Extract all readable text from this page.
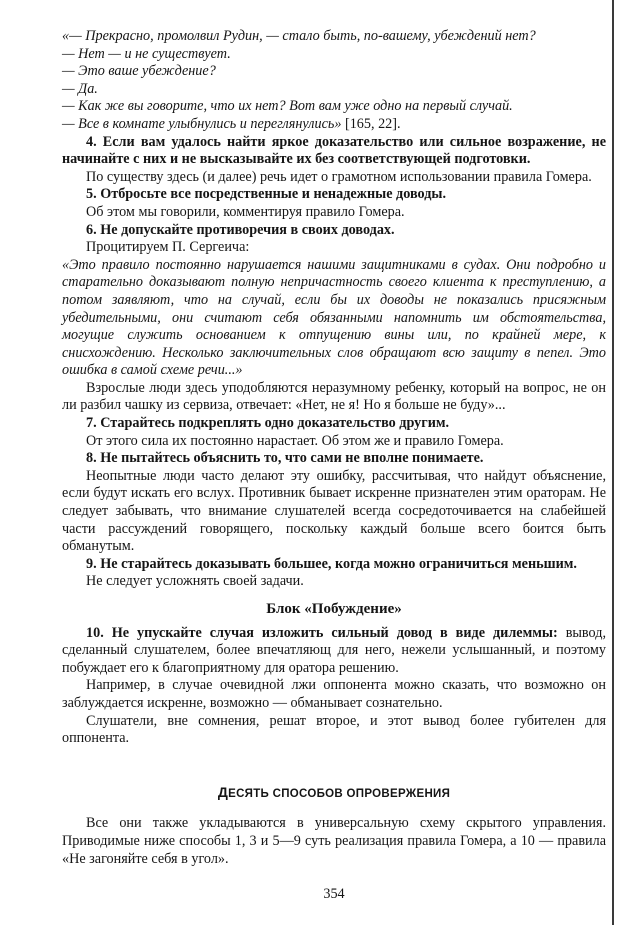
«— Прекрасно, промолвил Рудин, — стало быть, по-вашему, убеждений нет?

— Нет — и не существует.

— Это ваше убеждение?

— Да.

— Как же вы говорите, что их нет? Вот вам уже одно на первый случай.

— Все в комнате улыбнулись и переглянулись» [165, 22].

4. Если вам удалось найти яркое доказательство или сильное возражение, не начинайте с них и не высказывайте их без соответствующей подготовки.

По существу здесь (и далее) речь идет о грамотном использовании правила Гомера.

5. Отбросьте все посредственные и ненадежные доводы.

Об этом мы говорили, комментируя правило Гомера.

6. Не допускайте противоречия в своих доводах.

Процитируем П. Сергеича:

«Это правило постоянно нарушается нашими защитниками в судах. Они подробно и старательно доказывают полную непричастность своего клиента к преступлению, а потом заявляют, что на случай, если бы их доводы не показались присяжным убедительными, они считают себя обязанными напомнить им обстоятельства, могущие служить основанием к отпущению вины или, по крайней мере, к снисхождению. Несколько заключительных слов обращают всю защиту в пепел. Это ошибка в самой схеме речи...»

Взрослые люди здесь уподобляются неразумному ребенку, который на вопрос, не он ли разбил чашку из сервиза, отвечает: «Нет, не я! Но я больше не буду»...

7. Старайтесь подкреплять одно доказательство другим.

От этого сила их постоянно нарастает. Об этом же и правило Гомера.

8. Не пытайтесь объяснить то, что сами не вполне понимаете.

Неопытные люди часто делают эту ошибку, рассчитывая, что найдут объяснение, если будут искать его вслух. Противник бывает искренне признателен этим ораторам. Не следует забывать, что внимание слушателей всегда сосредоточивается на слабейшей части рассуждений говорящего, поскольку каждый больше всего боится быть обманутым.

9. Не старайтесь доказывать большее, когда можно ограничиться меньшим.

Не следует усложнять своей задачи.

Блок «Побуждение»

10. Не упускайте случая изложить сильный довод в виде дилеммы: вывод, сделанный слушателем, более впечатляющ для него, нежели услышанный, и поэтому побуждает его к благоприятному для оратора решению.

Например, в случае очевидной лжи оппонента можно сказать, что возможно он заблуждается искренне, возможно — обманывает сознательно.

Слушатели, вне сомнения, решат второе, и этот вывод более губителен для оппонента.

ДЕСЯТЬ СПОСОБОВ ОПРОВЕРЖЕНИЯ

Все они также укладываются в универсальную схему скрытого управления. Приводимые ниже способы 1, 3 и 5—9 суть реализация правила Гомера, а 10 — правила «Не загоняйте себя в угол».

354
